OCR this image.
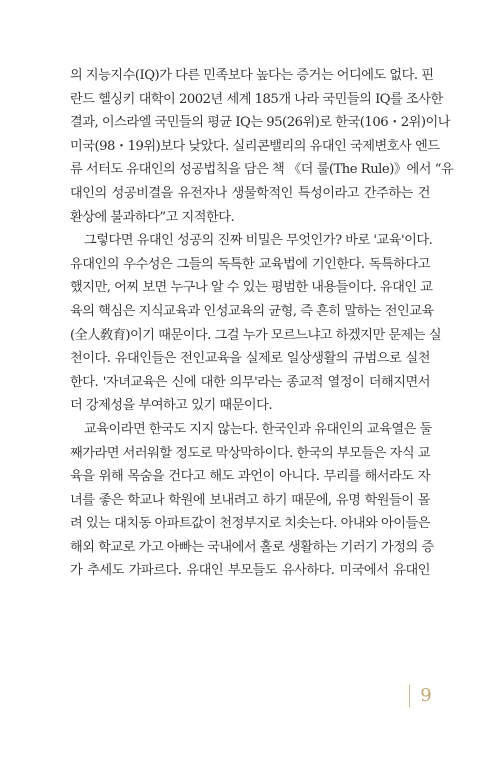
의 지능지수(IQ)가 다른 민족보다 높다는 증거는 어디에도 없다. 핀
란드 헬싱키 대학이 2002년 세계 185개 나라 국민들의 IQ를 조사한
결과, 이스라엘 국민들의 평균 IQ는 95(26위)로 한국(106・2위)이나
미국(98・19위)보다 낮았다. 실리콘밸리의 유대인 국제변호사 엔드
류 서터도 유대인의 성공법칙을 담은 책 《더 룰(The Rule)》에서 “유
대인의 성공비결을 유전자나 생물학적인 특성이라고 간주하는 건
환상에 불과하다”고 지적한다.

그렇다면 유대인 성공의 진짜 비밀은 무엇인가? 바로 '교육'이다.
유대인의 우수성은 그들의 독특한 교육법에 기인한다. 독특하다고
했지만, 어찌 보면 누구나 알 수 있는 평범한 내용들이다. 유대인 교
육의 핵심은 지식교육과 인성교육의 균형, 즉 흔히 말하는 전인교육
(全人敎育)이기 때문이다. 그걸 누가 모르느냐고 하겠지만 문제는 실
천이다. 유대인들은 전인교육을 실제로 일상생활의 규범으로 실천
한다. '자녀교육은 신에 대한 의무'라는 종교적 열정이 더해지면서
더 강제성을 부여하고 있기 때문이다.

교육이라면 한국도 지지 않는다. 한국인과 유대인의 교육열은 둘
째가라면 서러워할 정도로 막상막하이다. 한국의 부모들은 자식 교
육을 위해 목숨을 건다고 해도 과언이 아니다. 무리를 해서라도 자
녀를 좋은 학교나 학원에 보내려고 하기 때문에, 유명 학원들이 몰
려 있는 대치동 아파트값이 천정부지로 치솟는다. 아내와 아이들은
해외 학교로 가고 아빠는 국내에서 홀로 생활하는 기러기 가정의 증
가 추세도 가파르다. 유대인 부모들도 유사하다. 미국에서 유대인

9
